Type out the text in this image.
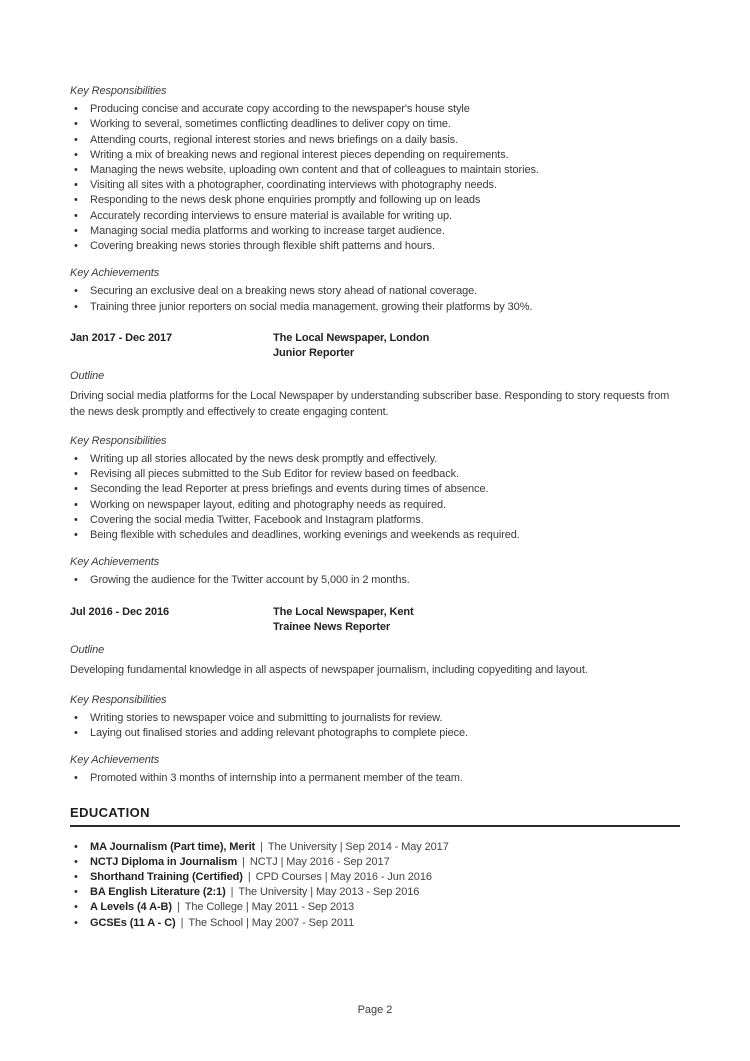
Key Responsibilities
• Producing concise and accurate copy according to the newspaper's house style
• Working to several, sometimes conflicting deadlines to deliver copy on time.
• Attending courts, regional interest stories and news briefings on a daily basis.
• Writing a mix of breaking news and regional interest pieces depending on requirements.
• Managing the news website, uploading own content and that of colleagues to maintain stories.
• Visiting all sites with a photographer, coordinating interviews with photography needs.
• Responding to the news desk phone enquiries promptly and following up on leads
• Accurately recording interviews to ensure material is available for writing up.
• Managing social media platforms and working to increase target audience.
• Covering breaking news stories through flexible shift patterns and hours.
Key Achievements
• Securing an exclusive deal on a breaking news story ahead of national coverage.
• Training three junior reporters on social media management, growing their platforms by 30%.
Jan 2017 - Dec 2017	The Local Newspaper, London
Junior Reporter
Outline
Driving social media platforms for the Local Newspaper by understanding subscriber base. Responding to story requests from the news desk promptly and effectively to create engaging content.
Key Responsibilities
• Writing up all stories allocated by the news desk promptly and effectively.
• Revising all pieces submitted to the Sub Editor for review based on feedback.
• Seconding the lead Reporter at press briefings and events during times of absence.
• Working on newspaper layout, editing and photography needs as required.
• Covering the social media Twitter, Facebook and Instagram platforms.
• Being flexible with schedules and deadlines, working evenings and weekends as required.
Key Achievements
• Growing the audience for the Twitter account by 5,000 in 2 months.
Jul 2016 - Dec 2016	The Local Newspaper, Kent
Trainee News Reporter
Outline
Developing fundamental knowledge in all aspects of newspaper journalism, including copyediting and layout.
Key Responsibilities
• Writing stories to newspaper voice and submitting to journalists for review.
• Laying out finalised stories and adding relevant photographs to complete piece.
Key Achievements
• Promoted within 3 months of internship into a permanent member of the team.
EDUCATION
• MA Journalism (Part time), Merit | The University | Sep 2014 - May 2017
• NCTJ Diploma in Journalism | NCTJ | May 2016 - Sep 2017
• Shorthand Training (Certified) | CPD Courses | May 2016 - Jun 2016
• BA English Literature (2:1) | The University | May 2013 - Sep 2016
• A Levels (4 A-B) | The College | May 2011 - Sep 2013
• GCSEs (11 A - C) | The School | May 2007 - Sep 2011
Page 2
